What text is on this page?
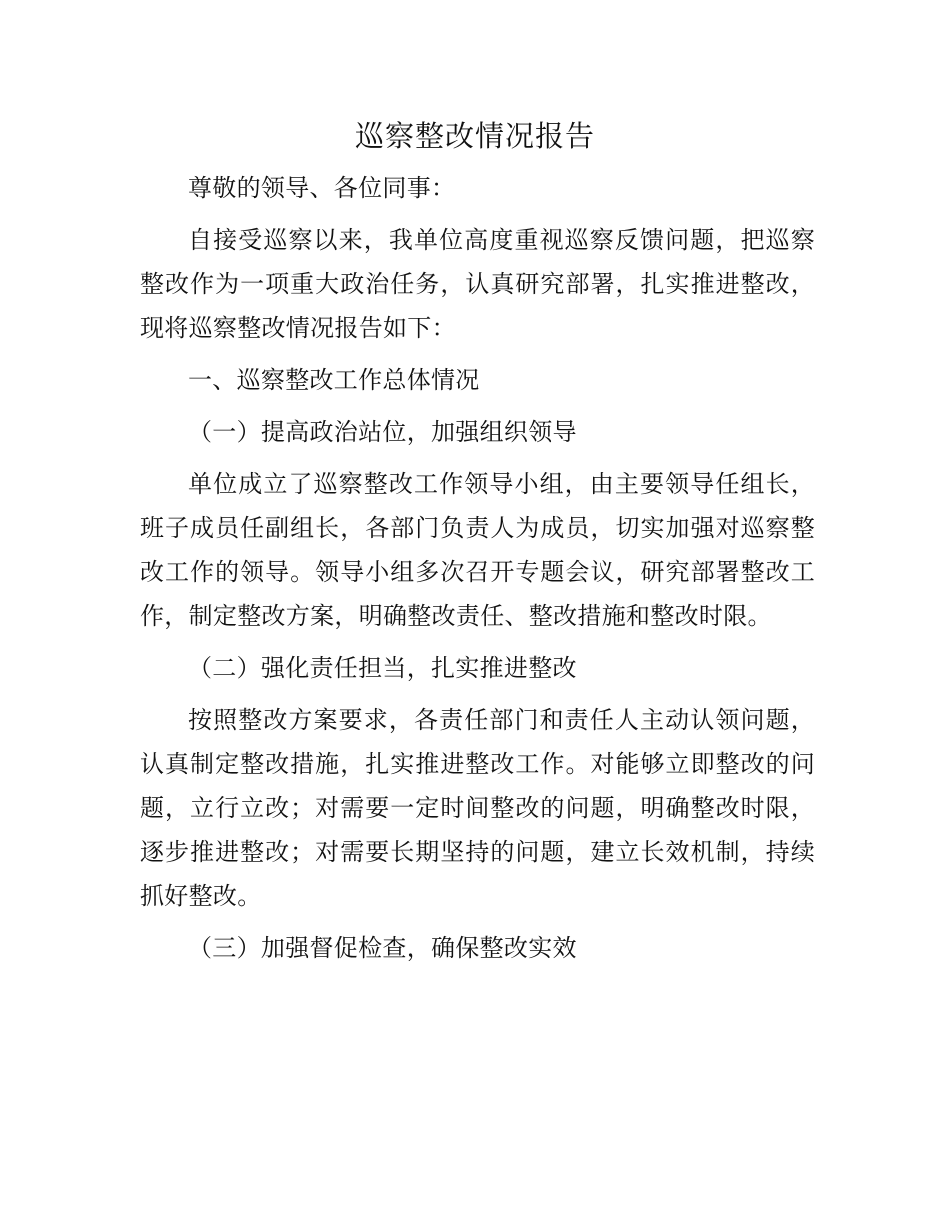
巡察整改情况报告

尊敬的领导、各位同事：

自接受巡察以来，我单位高度重视巡察反馈问题，把巡察整改作为一项重大政治任务，认真研究部署，扎实推进整改，现将巡察整改情况报告如下：

一、巡察整改工作总体情况

（一）提高政治站位，加强组织领导

单位成立了巡察整改工作领导小组，由主要领导任组长，班子成员任副组长，各部门负责人为成员，切实加强对巡察整改工作的领导。领导小组多次召开专题会议，研究部署整改工作，制定整改方案，明确整改责任、整改措施和整改时限。

（二）强化责任担当，扎实推进整改

按照整改方案要求，各责任部门和责任人主动认领问题，认真制定整改措施，扎实推进整改工作。对能够立即整改的问题，立行立改；对需要一定时间整改的问题，明确整改时限，逐步推进整改；对需要长期坚持的问题，建立长效机制，持续抓好整改。

（三）加强督促检查，确保整改实效
